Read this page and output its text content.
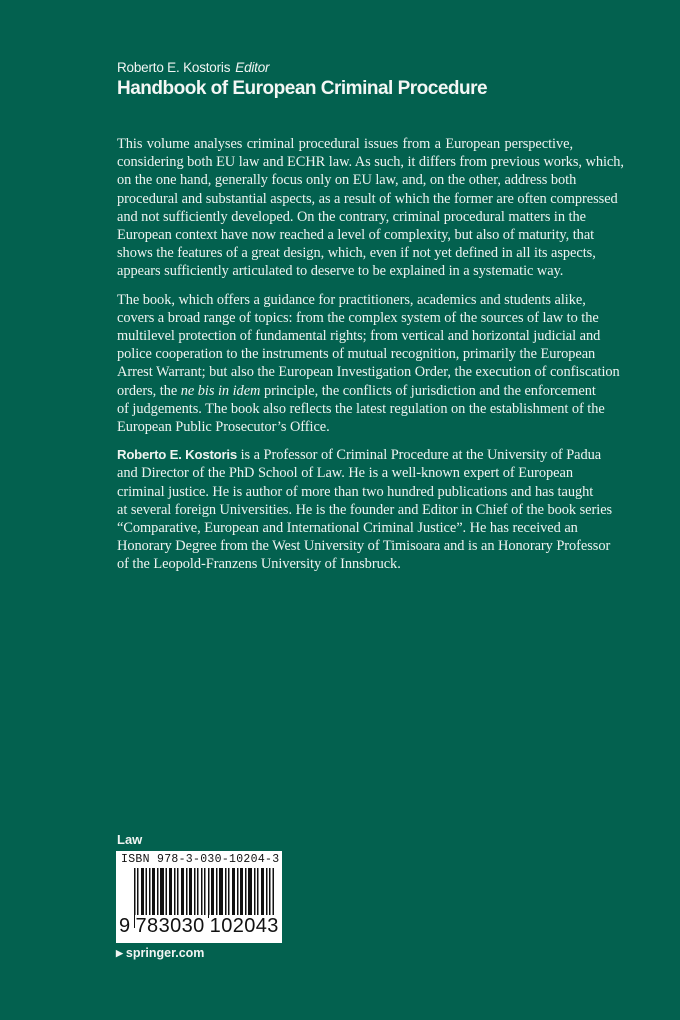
Roberto E. Kostoris Editor
Handbook of European Criminal Procedure
This volume analyses criminal procedural issues from a European perspective,
considering both EU law and ECHR law. As such, it differs from previous works, which,
on the one hand, generally focus only on EU law, and, on the other, address both
procedural and substantial aspects, as a result of which the former are often compressed
and not sufficiently developed. On the contrary, criminal procedural matters in the
European context have now reached a level of complexity, but also of maturity, that
shows the features of a great design, which, even if not yet defined in all its aspects,
appears sufficiently articulated to deserve to be explained in a systematic way.
The book, which offers a guidance for practitioners, academics and students alike,
covers a broad range of topics: from the complex system of the sources of law to the
multilevel protection of fundamental rights; from vertical and horizontal judicial and
police cooperation to the instruments of mutual recognition, primarily the European
Arrest Warrant; but also the European Investigation Order, the execution of confiscation
orders, the ne bis in idem principle, the conflicts of jurisdiction and the enforcement
of judgements. The book also reflects the latest regulation on the establishment of the
European Public Prosecutor’s Office.
Roberto E. Kostoris is a Professor of Criminal Procedure at the University of Padua
and Director of the PhD School of Law. He is a well-known expert of European
criminal justice. He is author of more than two hundred publications and has taught
at several foreign Universities. He is the founder and Editor in Chief of the book series
“Comparative, European and International Criminal Justice”. He has received an
Honorary Degree from the West University of Timisoara and is an Honorary Professor
of the Leopold-Franzens University of Innsbruck.
Law
ISBN 978-3-030-10204-3
9 783030 102043
▶ springer.com
